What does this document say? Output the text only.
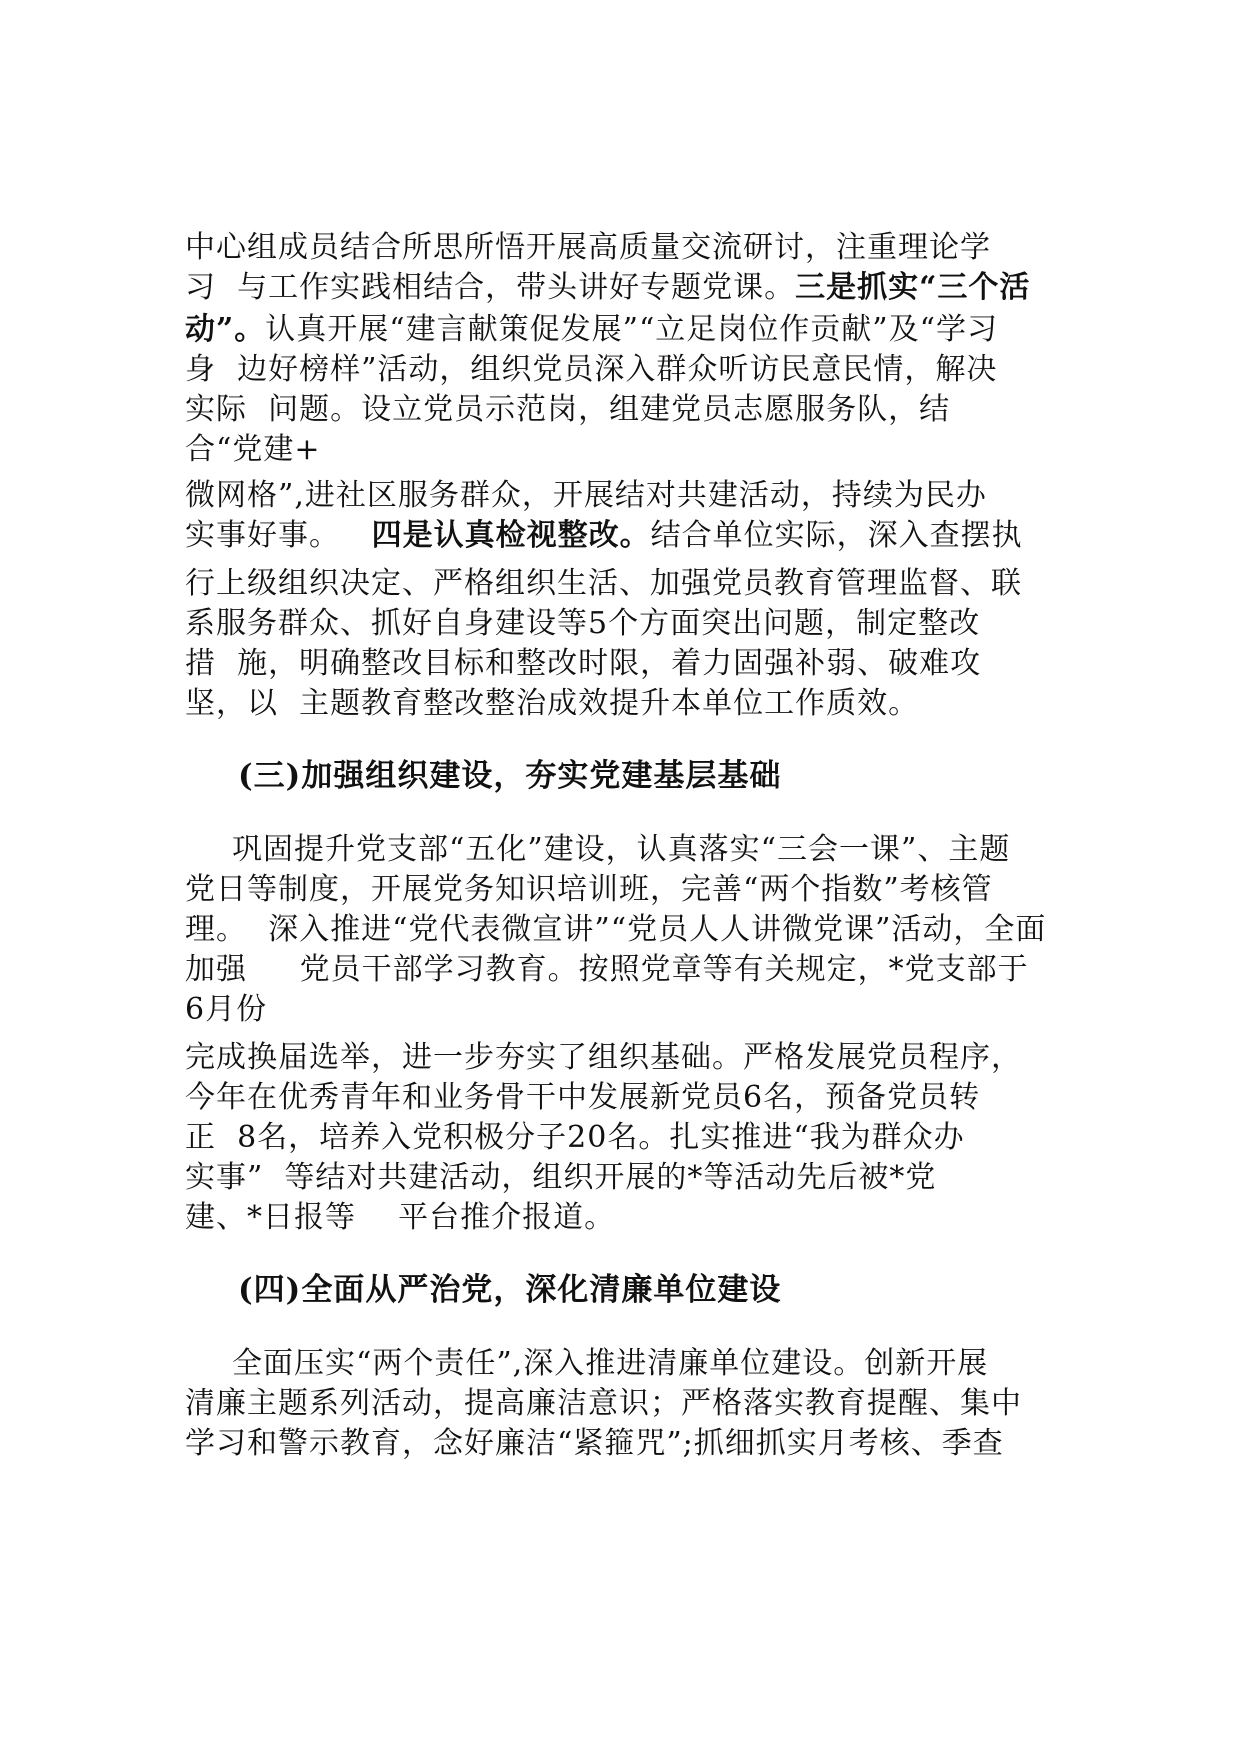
中心组成员结合所思所悟开展高质量交流研讨，注重理论学
习  与工作实践相结合，带头讲好专题党课。三是抓实“三个活
动”。认真开展“建言献策促发展”“立足岗位作贡献”及“学习
身  边好榜样”活动，组织党员深入群众听访民意民情，解决
实际  问题。设立党员示范岗，组建党员志愿服务队，结
合“党建+
微网格”,进社区服务群众，开展结对共建活动，持续为民办
实事好事。   四是认真检视整改。结合单位实际，深入查摆执
行上级组织决定、严格组织生活、加强党员教育管理监督、联
系服务群众、抓好自身建设等5个方面突出问题，制定整改
措  施，明确整改目标和整改时限，着力固强补弱、破难攻
坚，以  主题教育整改整治成效提升本单位工作质效。
(三)加强组织建设，夯实党建基层基础
巩固提升党支部“五化”建设，认真落实“三会一课”、主题
党日等制度，开展党务知识培训班，完善“两个指数”考核管
理。  深入推进“党代表微宣讲”“党员人人讲微党课”活动，全面
加强     党员干部学习教育。按照党章等有关规定，*党支部于
6月份
完成换届选举，进一步夯实了组织基础。严格发展党员程序，
今年在优秀青年和业务骨干中发展新党员6名，预备党员转
正  8名，培养入党积极分子20名。扎实推进“我为群众办
实事”  等结对共建活动，组织开展的*等活动先后被*党
建、*日报等    平台推介报道。
(四)全面从严治党，深化清廉单位建设
全面压实“两个责任”,深入推进清廉单位建设。创新开展
清廉主题系列活动，提高廉洁意识；严格落实教育提醒、集中
学习和警示教育，念好廉洁“紧箍咒”;抓细抓实月考核、季查
